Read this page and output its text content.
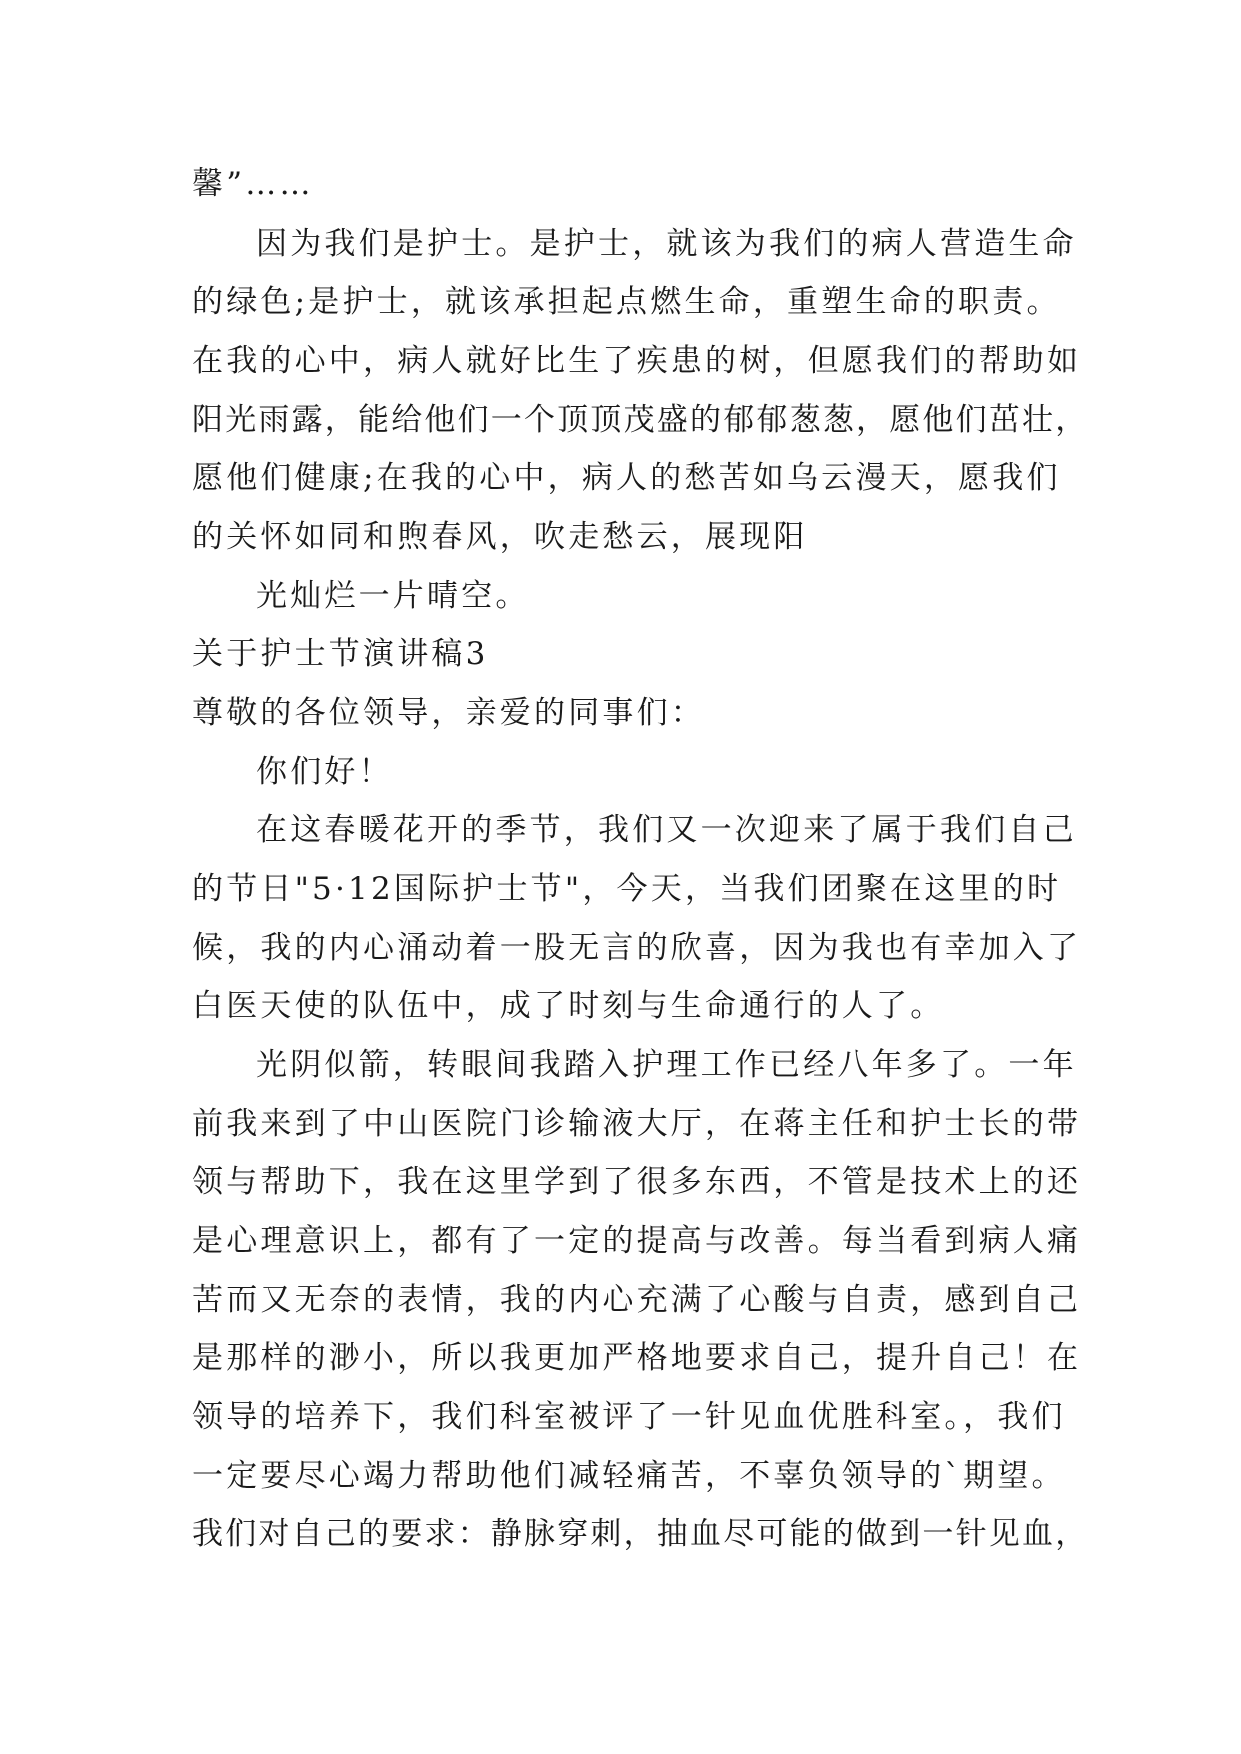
馨”……
因为我们是护士。是护士，就该为我们的病人营造生命
的绿色;是护士，就该承担起点燃生命，重塑生命的职责。
在我的心中，病人就好比生了疾患的树，但愿我们的帮助如
阳光雨露，能给他们一个顶顶茂盛的郁郁葱葱，愿他们茁壮，
愿他们健康;在我的心中，病人的愁苦如乌云漫天，愿我们
的关怀如同和煦春风，吹走愁云，展现阳
光灿烂一片晴空。
关于护士节演讲稿3
尊敬的各位领导，亲爱的同事们：
你们好！
在这春暖花开的季节，我们又一次迎来了属于我们自己
的节日"5·12国际护士节"，今天，当我们团聚在这里的时
候，我的内心涌动着一股无言的欣喜，因为我也有幸加入了
白医天使的队伍中，成了时刻与生命通行的人了。
光阴似箭，转眼间我踏入护理工作已经八年多了。一年
前我来到了中山医院门诊输液大厅，在蒋主任和护士长的带
领与帮助下，我在这里学到了很多东西，不管是技术上的还
是心理意识上，都有了一定的提高与改善。每当看到病人痛
苦而又无奈的表情，我的内心充满了心酸与自责，感到自己
是那样的渺小，所以我更加严格地要求自己，提升自己！在
领导的培养下，我们科室被评了一针见血优胜科室。，我们
一定要尽心竭力帮助他们减轻痛苦，不辜负领导的`期望。
我们对自己的要求：静脉穿刺，抽血尽可能的做到一针见血，
